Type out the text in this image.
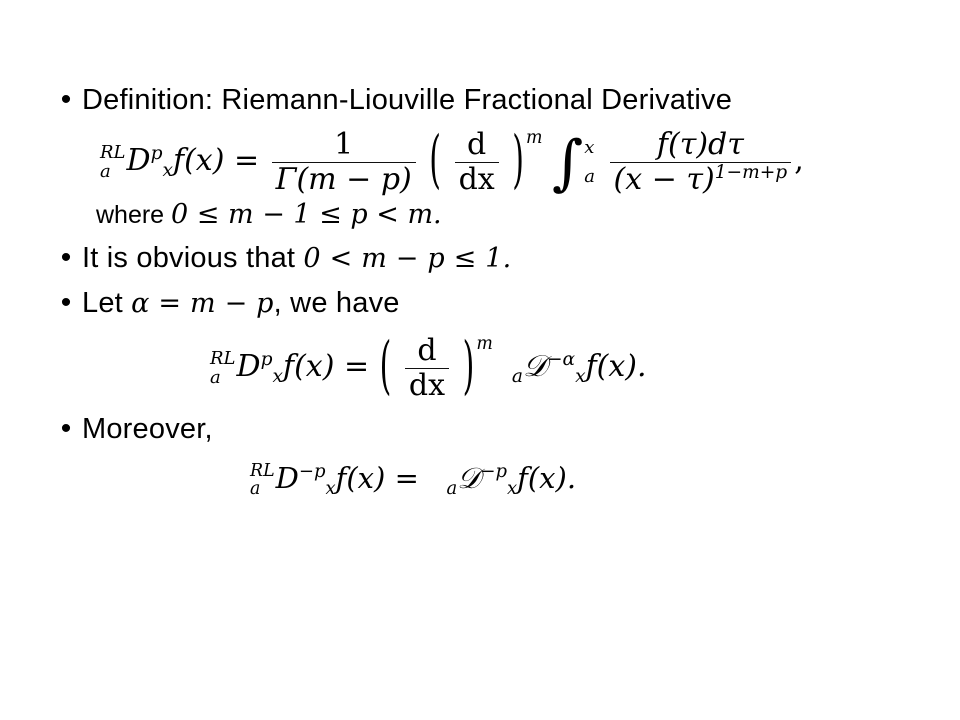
• Definition: Riemann-Liouville Fractional Derivative
RL
a $D^p_xf(x) = \frac{1}{\Gamma(m - p)}$ ( $\frac{d}{dx}$ ) $^m$ ∫ x
a
$\frac{f(\tau)d\tau}{(x - \tau)^{1-m+p}}$ ,
where 0 ≤ m − 1 ≤ p < m.
• It is obvious that 0 < m − p ≤ 1.
• Let α = m − p, we have
RL
a $D^p_xf(x)$ = ( $\frac{d}{dx}$ ) $^m$  $_a$𝒟$^{-\alpha}_x$f(x).
• Moreover,
RL
a $D^{-p}_xf(x)$ = $_a$𝒟$^{-p}_x$f(x).
